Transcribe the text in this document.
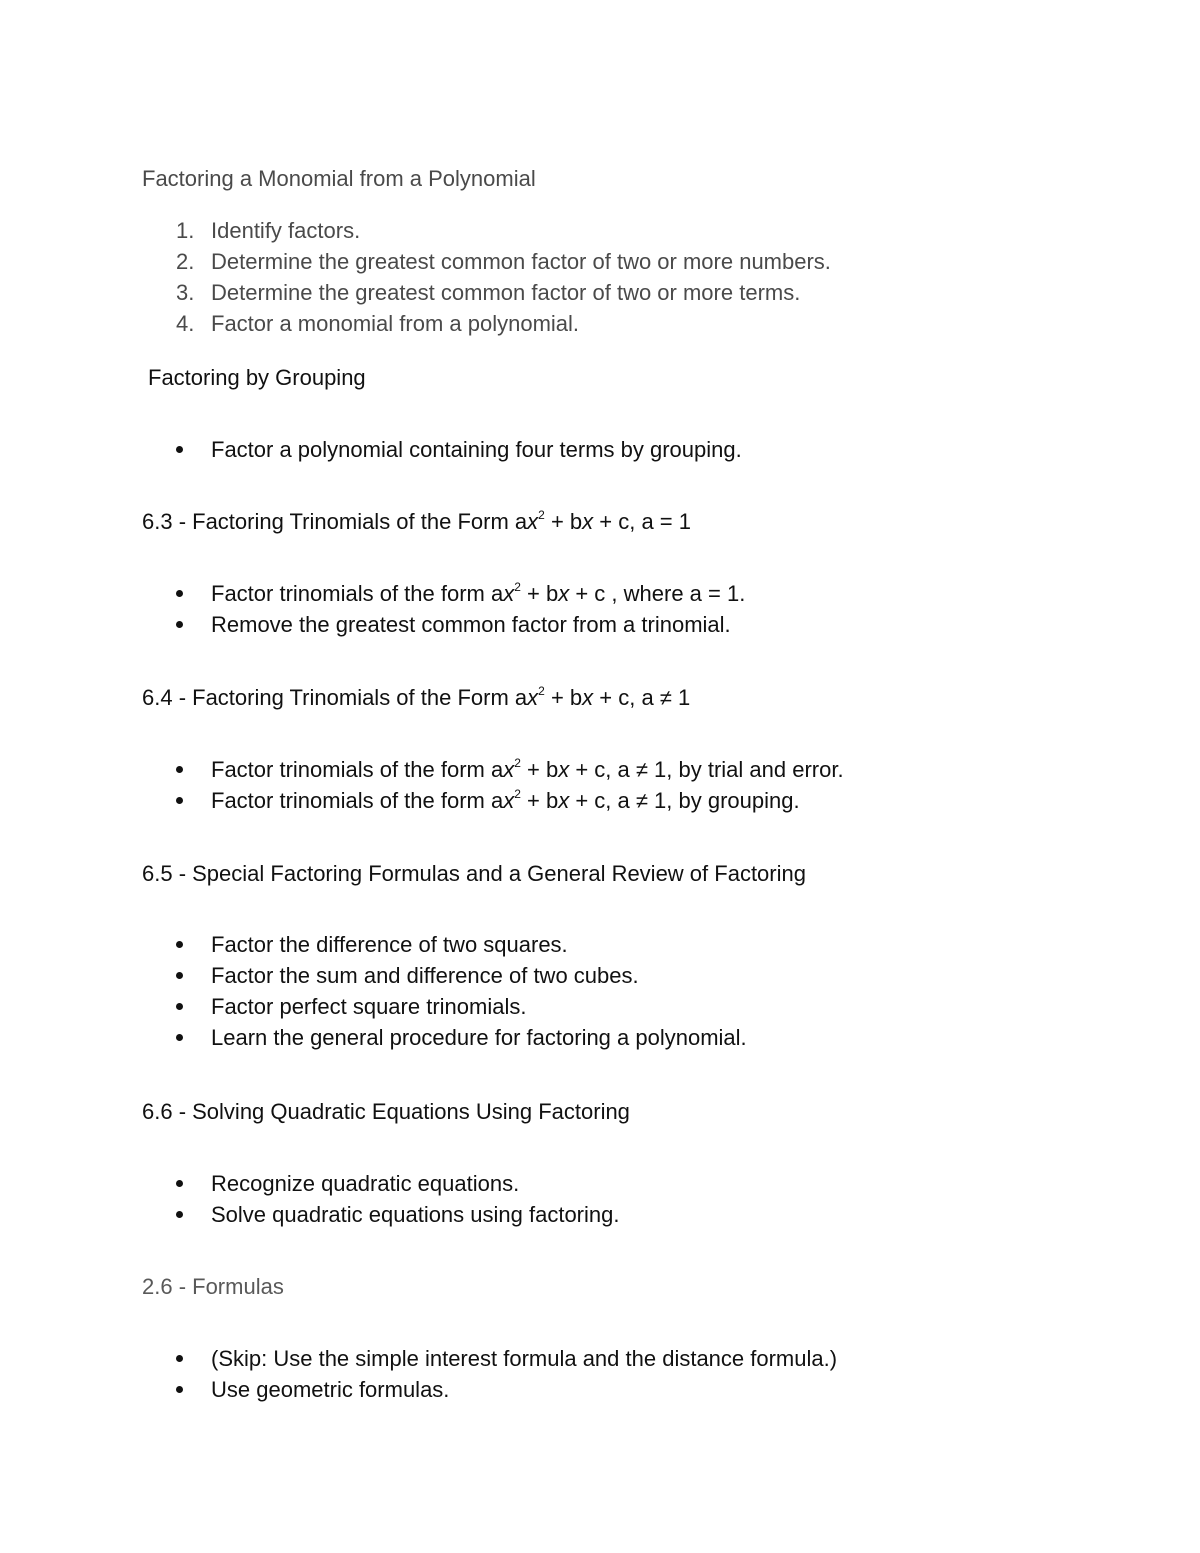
Factoring a Monomial from a Polynomial
1. Identify factors.
2. Determine the greatest common factor of two or more numbers.
3. Determine the greatest common factor of two or more terms.
4. Factor a monomial from a polynomial.
Factoring by Grouping
Factor a polynomial containing four terms by grouping.
6.3 - Factoring Trinomials of the Form $ax^2$ + bx + c, a = 1
Factor trinomials of the form $ax^2$ + bx + c , where a = 1.
Remove the greatest common factor from a trinomial.
6.4 - Factoring Trinomials of the Form $ax^2$ + bx + c, a ≠ 1
Factor trinomials of the form $ax^2$ + bx + c, a ≠ 1, by trial and error.
Factor trinomials of the form $ax^2$ + bx + c, a ≠ 1, by grouping.
6.5 - Special Factoring Formulas and a General Review of Factoring
Factor the difference of two squares.
Factor the sum and difference of two cubes.
Factor perfect square trinomials.
Learn the general procedure for factoring a polynomial.
6.6 - Solving Quadratic Equations Using Factoring
Recognize quadratic equations.
Solve quadratic equations using factoring.
2.6 - Formulas
(Skip: Use the simple interest formula and the distance formula.)
Use geometric formulas.
